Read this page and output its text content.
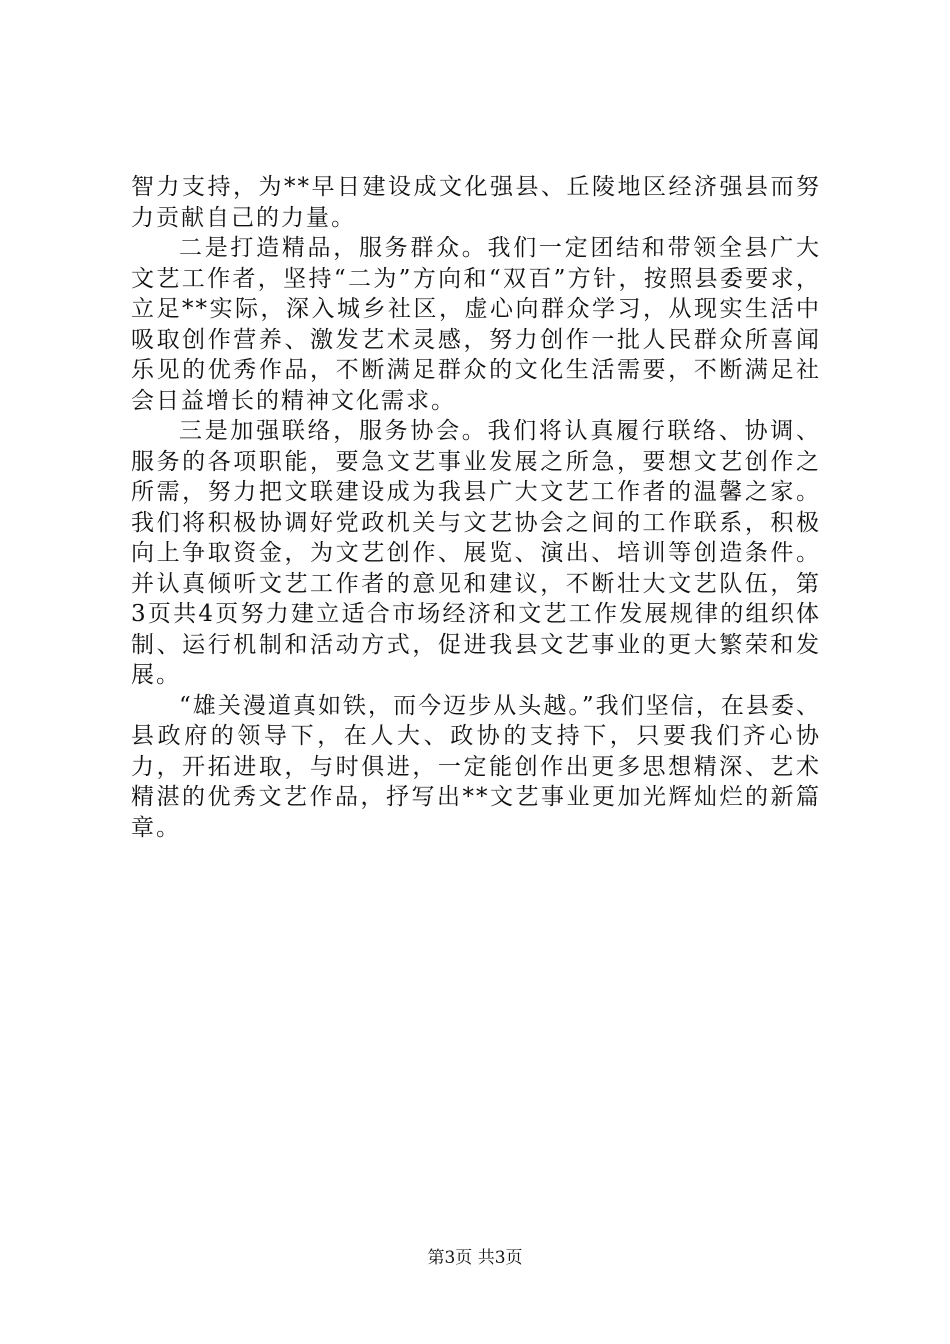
智力支持，为**早日建设成文化强县、丘陵地区经济强县而努力贡献自己的力量。

二是打造精品，服务群众。我们一定团结和带领全县广大文艺工作者，坚持“二为”方向和“双百”方针，按照县委要求，立足**实际，深入城乡社区，虚心向群众学习，从现实生活中吸取创作营养、激发艺术灵感，努力创作一批人民群众所喜闻乐见的优秀作品，不断满足群众的文化生活需要，不断满足社会日益增长的精神文化需求。

三是加强联络，服务协会。我们将认真履行联络、协调、服务的各项职能，要急文艺事业发展之所急，要想文艺创作之所需，努力把文联建设成为我县广大文艺工作者的温馨之家。我们将积极协调好党政机关与文艺协会之间的工作联系，积极向上争取资金，为文艺创作、展览、演出、培训等创造条件。并认真倾听文艺工作者的意见和建议，不断壮大文艺队伍，第3页共4页努力建立适合市场经济和文艺工作发展规律的组织体制、运行机制和活动方式，促进我县文艺事业的更大繁荣和发展。

“雄关漫道真如铁，而今迈步从头越。”我们坚信，在县委、县政府的领导下，在人大、政协的支持下，只要我们齐心协力，开拓进取，与时俱进，一定能创作出更多思想精深、艺术精湛的优秀文艺作品，抒写出**文艺事业更加光辉灿烂的新篇章。

第3页 共3页
